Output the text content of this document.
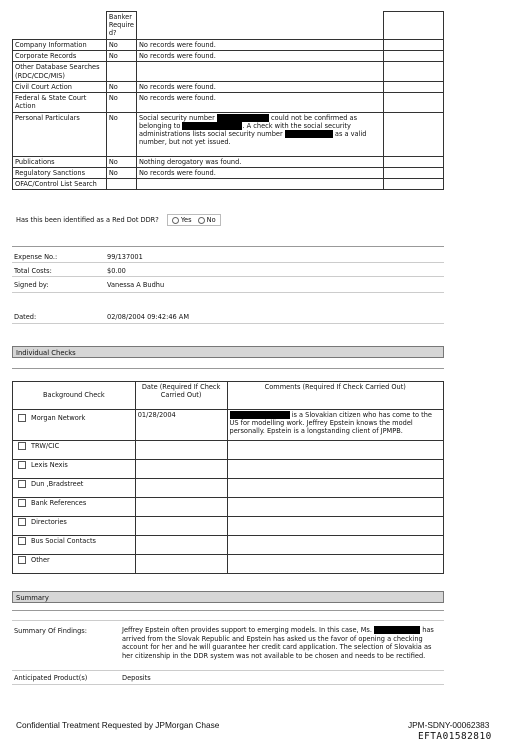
	Banker Require d?		
Company Information	No	No records were found.	
Corporate Records	No	No records were found.	
Other Database Searches (RDC/CDC/MIS)			
Civil Court Action	No	No records were found.	
Federal & State Court Action	No	No records were found.	
Personal Particulars	No	Social security number could not be confirmed as belonging to . A check with the social security administrations lists social security number as a valid number, but not yet issued.	
Publications	No	Nothing derogatory was found.	
Regulatory Sanctions	No	No records were found.	
OFAC/Control List Search			
Has this been identified as a Red Dot DDR?	Yes No
Expense No.:	99/137001
Total Costs:	$0.00
Signed by:	Vanessa A Budhu
Dated:	02/08/2004 09:42:46 AM
Individual Checks
Background Check	Date (Required If Check Carried Out)	Comments (Required If Check Carried Out)
Morgan Network	01/28/2004	is a Slovakian citizen who has come to the US for modelling work. Jeffrey Epstein knows the model personally. Epstein is a longstanding client of JPMPB.
TRW/CIC		
Lexis Nexis		
Dun ,Bradstreet		
Bank References		
Directories		
Bus Social Contacts		
Other		
Summary
Summary Of Findings:	Jeffrey Epstein often provides support to emerging models. In this case, Ms.	has arrived from the Slovak Republic and Epstein has asked us the favor of opening a checking account for her and he will guarantee her credit card application. The selection of Slovakia as her citizenship in the DDR system was not available to be chosen and needs to be rectified.
Anticipated Product(s)	Deposits
Confidential Treatment Requested by JPMorgan Chase	JPM-SDNY-00062383
EFTA01582810
